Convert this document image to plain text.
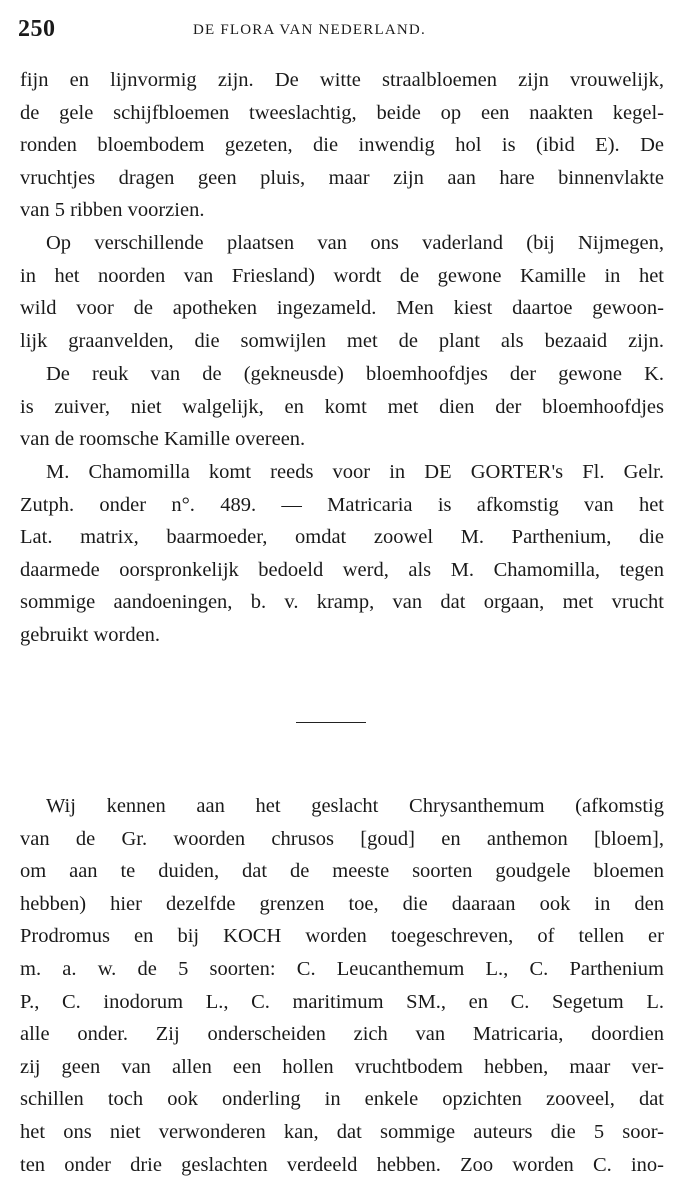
250	DE FLORA VAN NEDERLAND.
fijn en lijnvormig zijn. De witte straalbloemen zijn vrouwelijk,
de gele schijfbloemen tweeslachtig, beide op een naakten kegel-
ronden bloembodem gezeten, die inwendig hol is (ibid E). De
vruchtjes dragen geen pluis, maar zijn aan hare binnenvlakte
van 5 ribben voorzien.
Op verschillende plaatsen van ons vaderland (bij Nijmegen,
in het noorden van Friesland) wordt de gewone Kamille in het
wild voor de apotheken ingezameld. Men kiest daartoe gewoon-
lijk graanvelden, die somwijlen met de plant als bezaaid zijn.
De reuk van de (gekneusde) bloemhoofdjes der gewone K.
is zuiver, niet walgelijk, en komt met dien der bloemhoofdjes
van de roomsche Kamille overeen.
M. Chamomilla komt reeds voor in DE GORTER's Fl. Gelr.
Zutph. onder n°. 489. — Matricaria is afkomstig van het
Lat. matrix, baarmoeder, omdat zoowel M. Parthenium, die
daarmede oorspronkelijk bedoeld werd, als M. Chamomilla, tegen
sommige aandoeningen, b. v. kramp, van dat orgaan, met vrucht
gebruikt worden.
Wij kennen aan het geslacht Chrysanthemum (afkomstig
van de Gr. woorden chrusos [goud] en anthemon [bloem],
om aan te duiden, dat de meeste soorten goudgele bloemen
hebben) hier dezelfde grenzen toe, die daaraan ook in den
Prodromus en bij KOCH worden toegeschreven, of tellen er
m. a. w. de 5 soorten: C. Leucanthemum L., C. Parthenium
P., C. inodorum L., C. maritimum SM., en C. Segetum L.
alle onder. Zij onderscheiden zich van Matricaria, doordien
zij geen van allen een hollen vruchtbodem hebben, maar ver-
schillen toch ook onderling in enkele opzichten zooveel, dat
het ons niet verwonderen kan, dat sommige auteurs die 5 soor-
ten onder drie geslachten verdeeld hebben. Zoo worden C. ino-
